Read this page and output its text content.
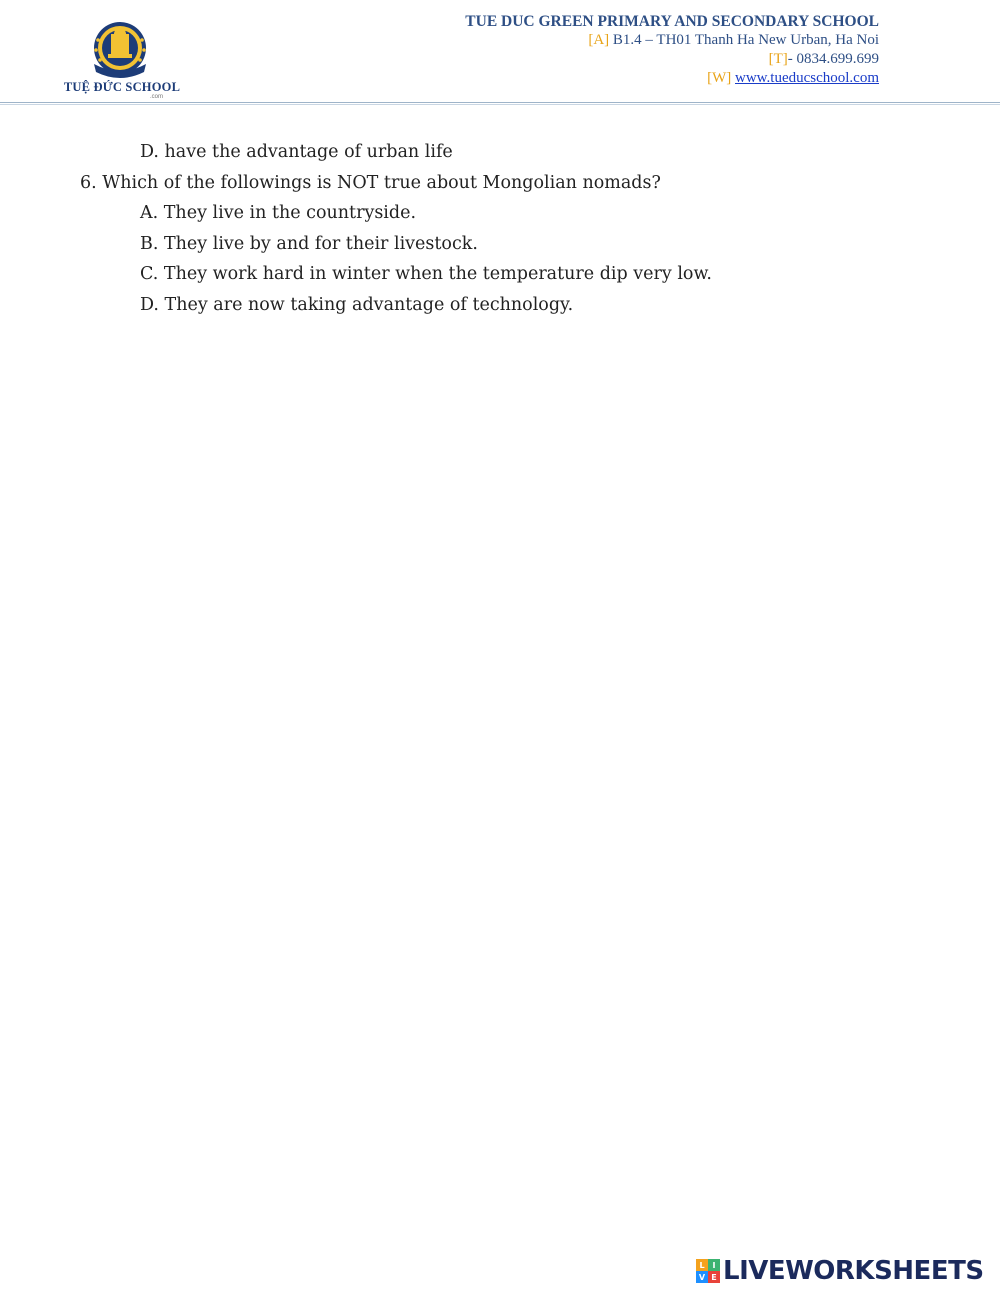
TUỆ ĐỨC SCHOOL
.com
TUE DUC GREEN PRIMARY AND SECONDARY SCHOOL
[A] B1.4 – TH01 Thanh Ha New Urban, Ha Noi
[T]- 0834.699.699
[W] www.tueducschool.com
D. have the advantage of urban life
6. Which of the followings is NOT true about Mongolian nomads?
A. They live in the countryside.
B. They live by and for their livestock.
C. They work hard in winter when the temperature dip very low.
D. They are now taking advantage of technology.
L I
V E LIVEWORKSHEETS
